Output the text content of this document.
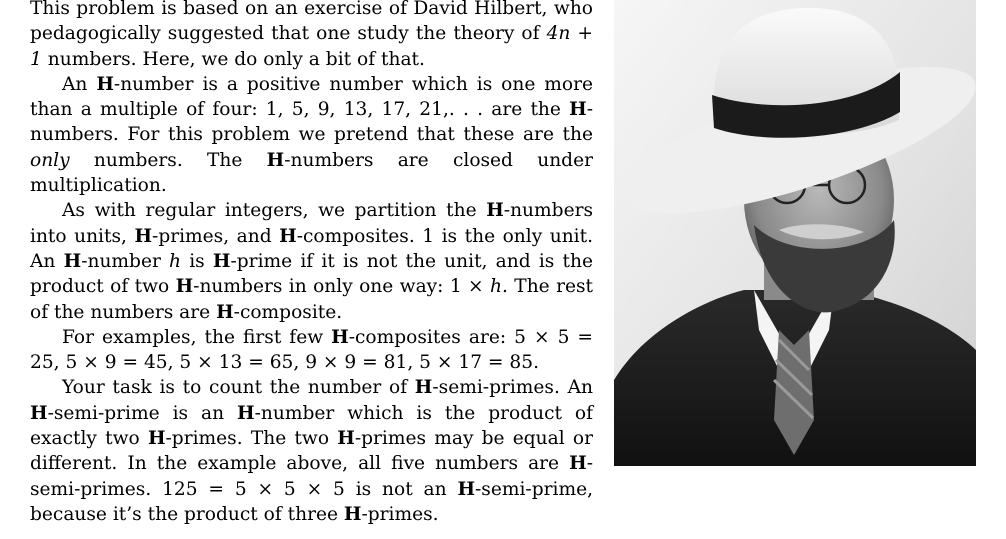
This problem is based on an exercise of David Hilbert, who pedagogically suggested that one study the theory of 4n + 1 numbers. Here, we do only a bit of that.

An H-number is a positive number which is one more than a multiple of four: 1, 5, 9, 13, 17, 21,. . . are the H-numbers. For this problem we pretend that these are the only numbers. The H-numbers are closed under multiplication.

As with regular integers, we partition the H-numbers into units, H-primes, and H-composites. 1 is the only unit. An H-number h is H-prime if it is not the unit, and is the product of two H-numbers in only one way: 1 × h. The rest of the numbers are H-composite.

For examples, the first few H-composites are: 5 × 5 = 25, 5 × 9 = 45, 5 × 13 = 65, 9 × 9 = 81, 5 × 17 = 85.

Your task is to count the number of H-semi-primes. An H-semi-prime is an H-number which is the product of exactly two H-primes. The two H-primes may be equal or different. In the example above, all five numbers are H-semi-primes. 125 = 5 × 5 × 5 is not an H-semi-prime, because it’s the product of three H-primes.
